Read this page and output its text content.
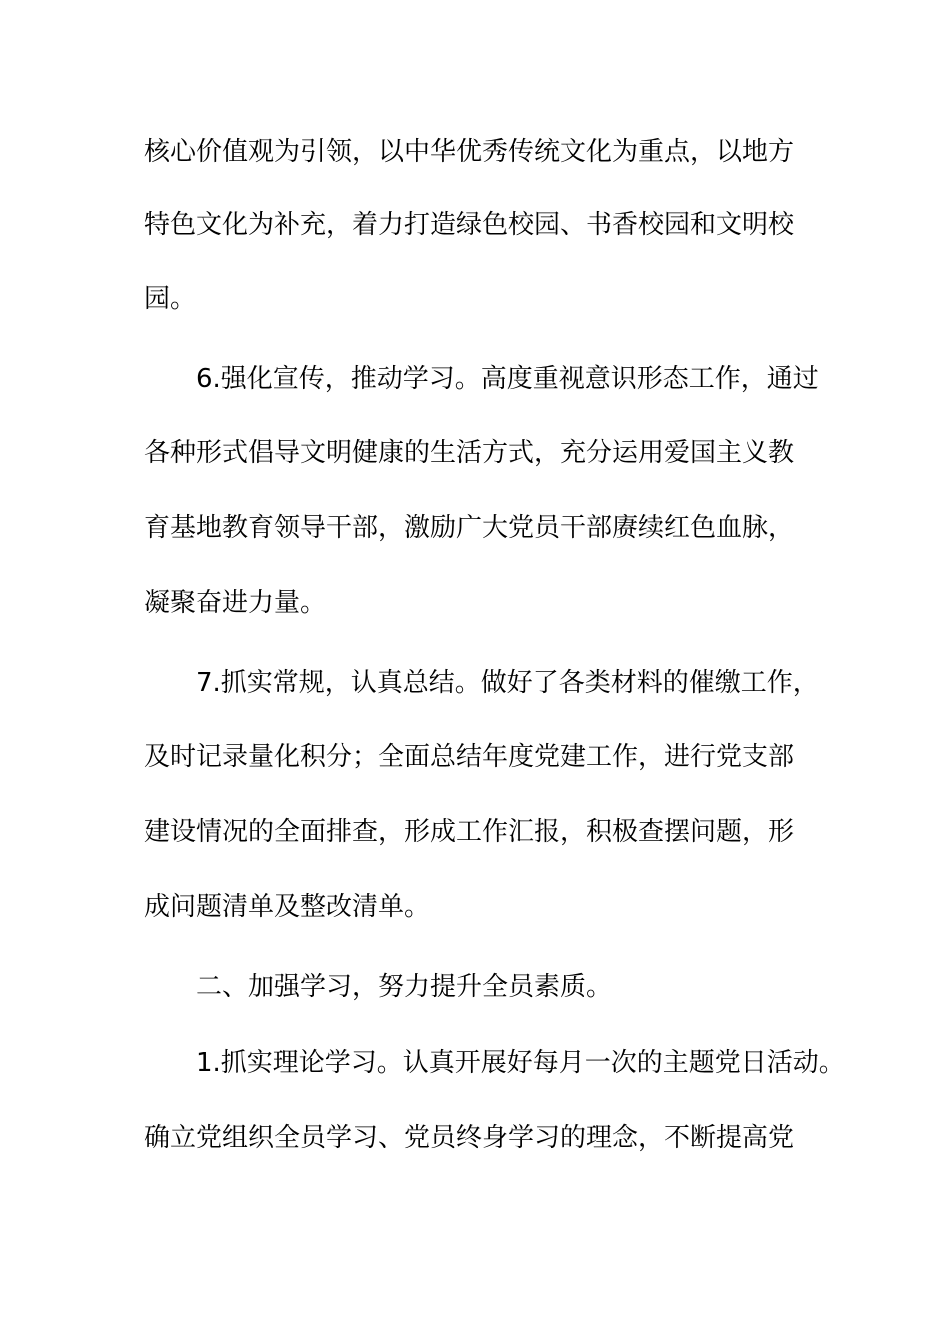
核心价值观为引领，以中华优秀传统文化为重点，以地方

特色文化为补充，着力打造绿色校园、书香校园和文明校

园。

6.强化宣传，推动学习。高度重视意识形态工作，通过

各种形式倡导文明健康的生活方式，充分运用爱国主义教

育基地教育领导干部，激励广大党员干部赓续红色血脉，

凝聚奋进力量。

7.抓实常规，认真总结。做好了各类材料的催缴工作，

及时记录量化积分；全面总结年度党建工作，进行党支部

建设情况的全面排查，形成工作汇报，积极查摆问题，形

成问题清单及整改清单。

二、加强学习，努力提升全员素质。

1.抓实理论学习。认真开展好每月一次的主题党日活动。

确立党组织全员学习、党员终身学习的理念，不断提高党
